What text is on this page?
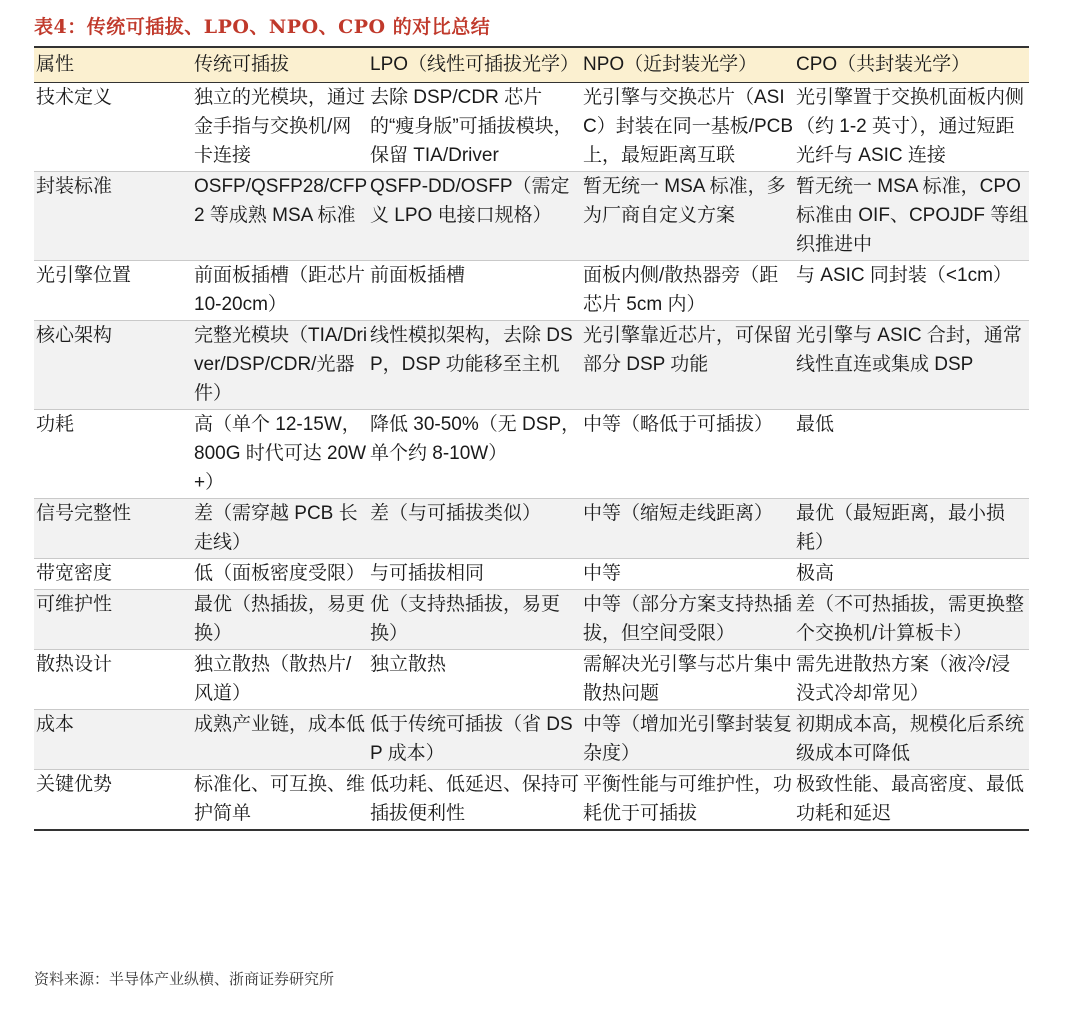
表4：传统可插拔、LPO、NPO、CPO 的对比总结
属性	传统可插拔	LPO（线性可插拔光学）	NPO（近封装光学）	CPO（共封装光学）
技术定义	独立的光模块，通过金手指与交换机/网卡连接	去除 DSP/CDR 芯片的“瘦身版”可插拔模块，保留 TIA/Driver	光引擎与交换芯片（ASIC）封装在同一基板/PCB 上，最短距离互联	光引擎置于交换机面板内侧（约 1-2 英寸），通过短距光纤与 ASIC 连接
封装标准	OSFP/QSFP28/CFP2 等成熟 MSA 标准	QSFP-DD/OSFP（需定义 LPO 电接口规格）	暂无统一 MSA 标准，多为厂商自定义方案	暂无统一 MSA 标准，CPO 标准由 OIF、CPOJDF 等组织推进中
光引擎位置	前面板插槽（距芯片 10-20cm）	前面板插槽	面板内侧/散热器旁（距芯片 5cm 内）	与 ASIC 同封装（<1cm）
核心架构	完整光模块（TIA/Driver/DSP/CDR/光器件）	线性模拟架构，去除 DSP，DSP 功能移至主机	光引擎靠近芯片，可保留部分 DSP 功能	光引擎与 ASIC 合封，通常线性直连或集成 DSP
功耗	高（单个 12-15W，800G 时代可达 20W+）	降低 30-50%（无 DSP，单个约 8-10W）	中等（略低于可插拔）	最低
信号完整性	差（需穿越 PCB 长走线）	差（与可插拔类似）	中等（缩短走线距离）	最优（最短距离，最小损耗）
带宽密度	低（面板密度受限）	与可插拔相同	中等	极高
可维护性	最优（热插拔，易更换）	优（支持热插拔，易更换）	中等（部分方案支持热插拔，但空间受限）	差（不可热插拔，需更换整个交换机/计算板卡）
散热设计	独立散热（散热片/风道）	独立散热	需解决光引擎与芯片集中散热问题	需先进散热方案（液冷/浸没式冷却常见）
成本	成熟产业链，成本低	低于传统可插拔（省 DSP 成本）	中等（增加光引擎封装复杂度）	初期成本高，规模化后系统级成本可降低
关键优势	标准化、可互换、维护简单	低功耗、低延迟、保持可插拔便利性	平衡性能与可维护性，功耗优于可插拔	极致性能、最高密度、最低功耗和延迟
资料来源：半导体产业纵横、浙商证券研究所
